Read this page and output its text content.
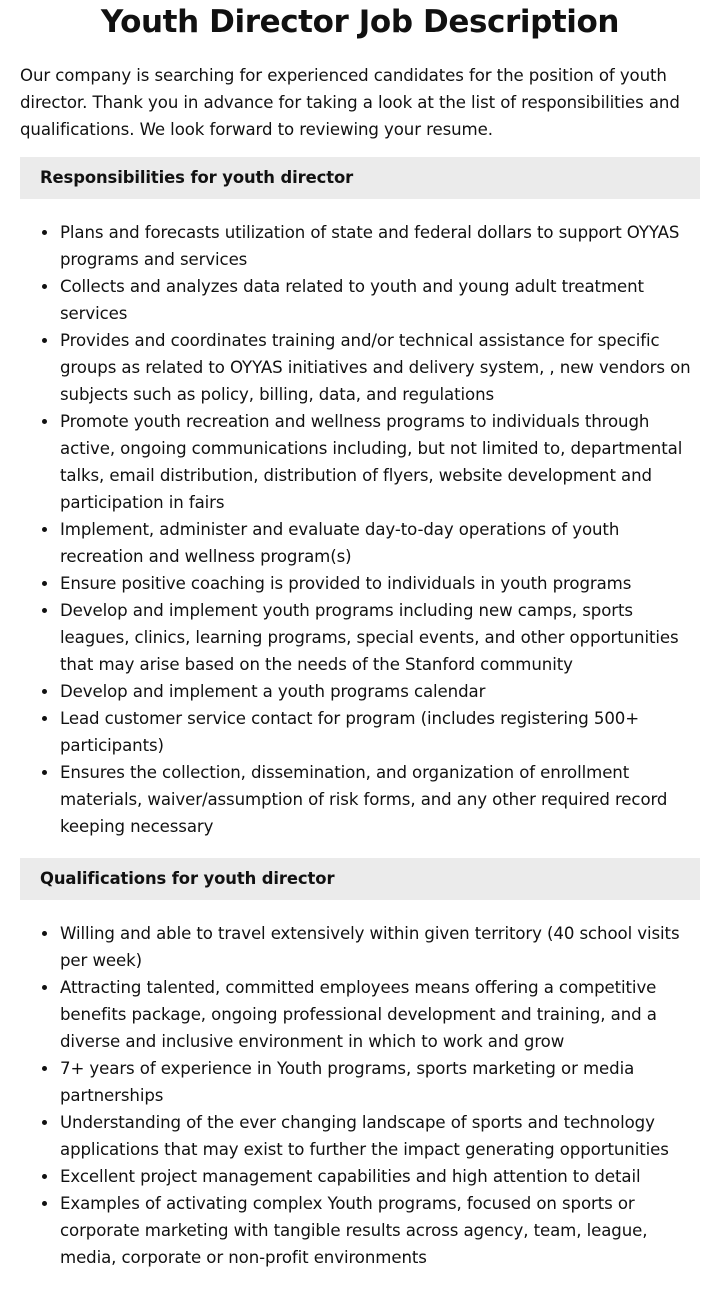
Youth Director Job Description

Our company is searching for experienced candidates for the position of youth director. Thank you in advance for taking a look at the list of responsibilities and qualifications. We look forward to reviewing your resume.

Responsibilities for youth director
Plans and forecasts utilization of state and federal dollars to support OYYAS programs and services
Collects and analyzes data related to youth and young adult treatment services
Provides and coordinates training and/or technical assistance for specific groups as related to OYYAS initiatives and delivery system, , new vendors on subjects such as policy, billing, data, and regulations
Promote youth recreation and wellness programs to individuals through active, ongoing communications including, but not limited to, departmental talks, email distribution, distribution of flyers, website development and participation in fairs
Implement, administer and evaluate day-to-day operations of youth recreation and wellness program(s)
Ensure positive coaching is provided to individuals in youth programs
Develop and implement youth programs including new camps, sports leagues, clinics, learning programs, special events, and other opportunities that may arise based on the needs of the Stanford community
Develop and implement a youth programs calendar
Lead customer service contact for program (includes registering 500+ participants)
Ensures the collection, dissemination, and organization of enrollment materials, waiver/assumption of risk forms, and any other required record keeping necessary
Qualifications for youth director
Willing and able to travel extensively within given territory (40 school visits per week)
Attracting talented, committed employees means offering a competitive benefits package, ongoing professional development and training, and a diverse and inclusive environment in which to work and grow
7+ years of experience in Youth programs, sports marketing or media partnerships
Understanding of the ever changing landscape of sports and technology applications that may exist to further the impact generating opportunities
Excellent project management capabilities and high attention to detail
Examples of activating complex Youth programs, focused on sports or corporate marketing with tangible results across agency, team, league, media, corporate or non-profit environments
